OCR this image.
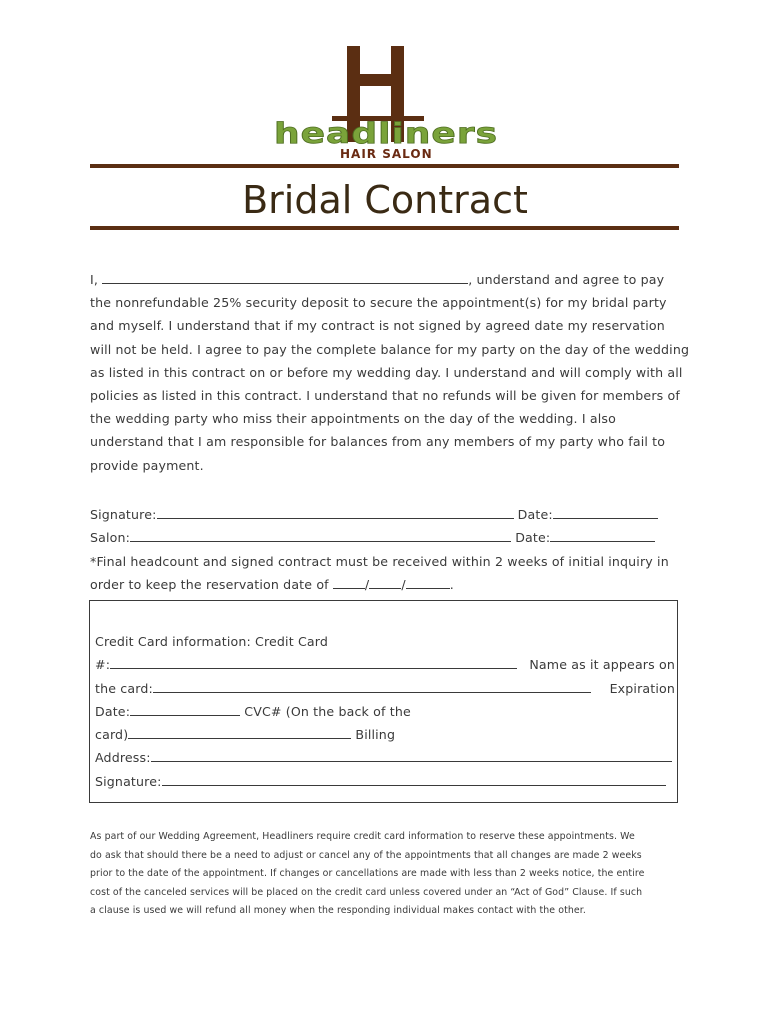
headliners
HAIR SALON
Bridal Contract
I,	, understand and agree to pay
the nonrefundable 25% security deposit to secure the appointment(s) for my bridal party
and myself. I understand that if my contract is not signed by agreed date my reservation
will not be held. I agree to pay the complete balance for my party on the day of the wedding
as listed in this contract on or before my wedding day. I understand and will comply with all
policies as listed in this contract. I understand that no refunds will be given for members of
the wedding party who miss their appointments on the day of the wedding. I also
understand that I am responsible for balances from any members of my party who fail to
provide payment.
Signature:	Date:
Salon:	Date:
*Final headcount and signed contract must be received within 2 weeks of initial inquiry in
order to keep the reservation date of	/	/	.
Credit Card information: Credit Card
#:	Name as it appears on
the card:	Expiration
Date:	CVC# (On the back of the
card)	Billing
Address:
Signature:
As part of our Wedding Agreement, Headliners require credit card information to reserve these appointments. We
do ask that should there be a need to adjust or cancel any of the appointments that all changes are made 2 weeks
prior to the date of the appointment. If changes or cancellations are made with less than 2 weeks notice, the entire
cost of the canceled services will be placed on the credit card unless covered under an “Act of God” Clause. If such
a clause is used we will refund all money when the responding individual makes contact with the other.
